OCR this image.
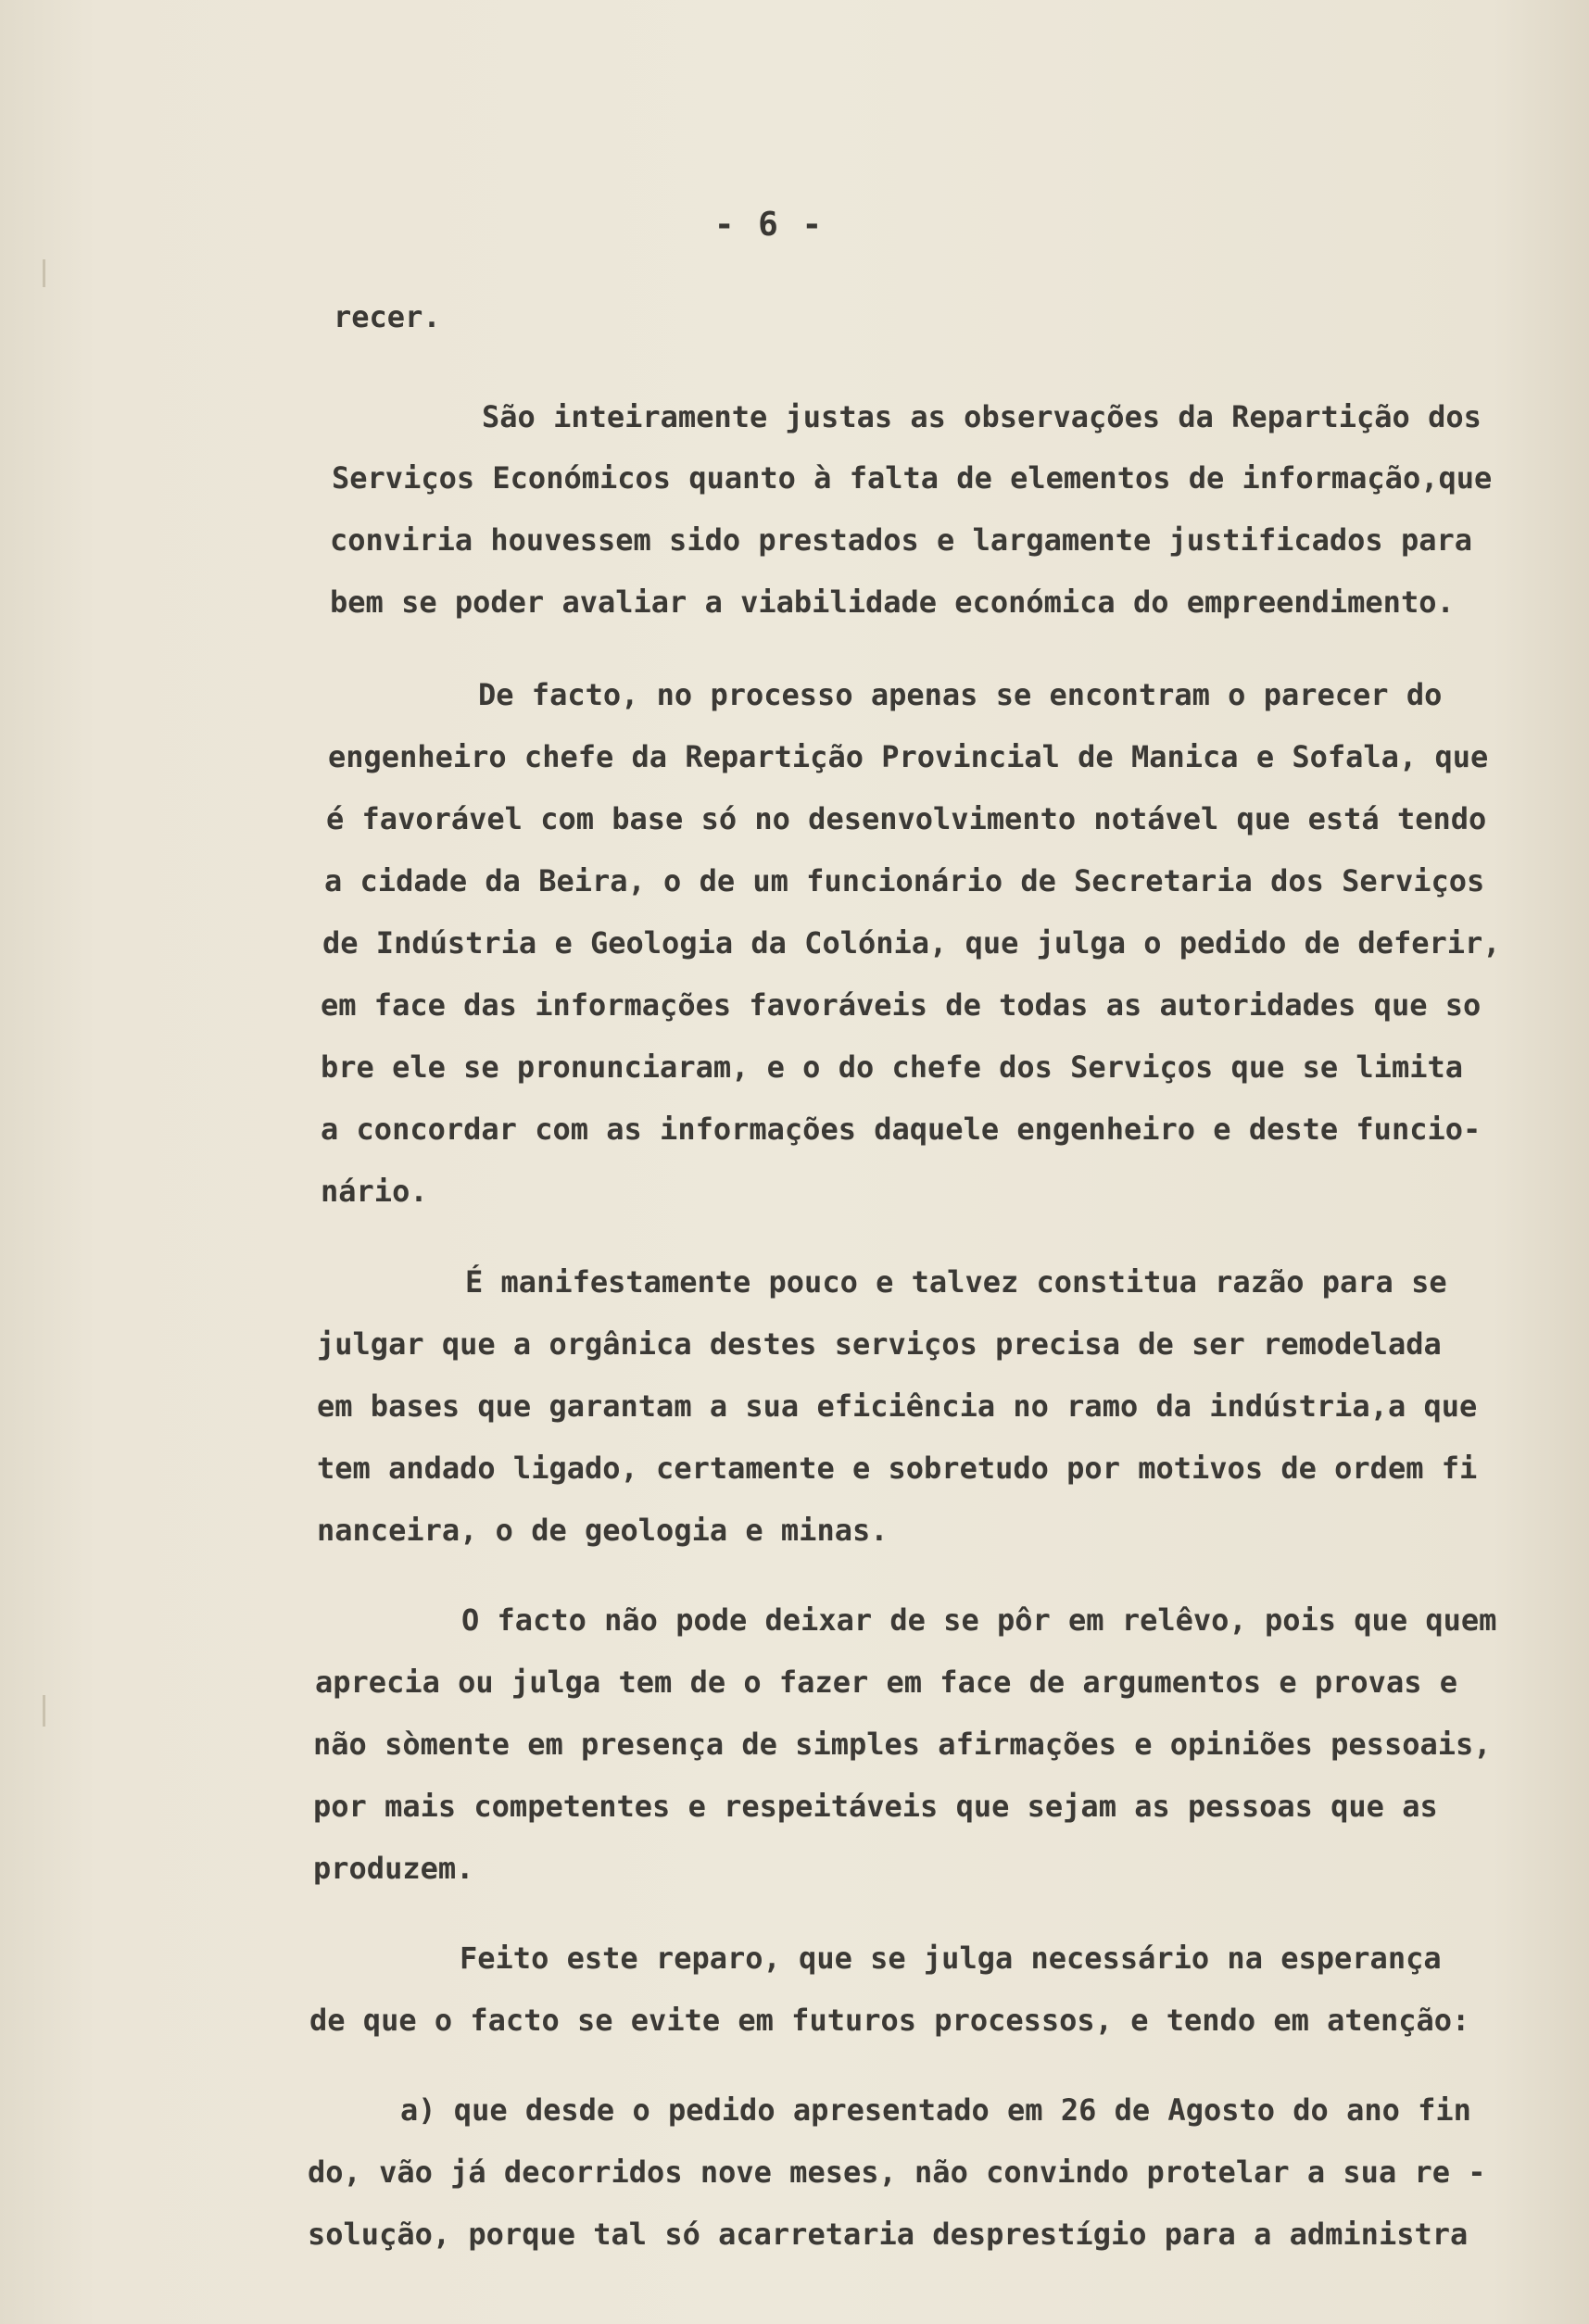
- 6 -
recer.
São inteiramente justas as observações da Repartição dos
Serviços Económicos quanto à falta de elementos de informação,que
conviria houvessem sido prestados e largamente justificados para
bem se poder avaliar a viabilidade económica do empreendimento.
De facto, no processo apenas se encontram o parecer do
engenheiro chefe da Repartição Provincial de Manica e Sofala, que
é favorável com base só no desenvolvimento notável que está tendo
a cidade da Beira, o de um funcionário de Secretaria dos Serviços
de Indústria e Geologia da Colónia, que julga o pedido de deferir,
em face das informações favoráveis de todas as autoridades que so
bre ele se pronunciaram, e o do chefe dos Serviços que se limita
a concordar com as informações daquele engenheiro e deste funcio-
nário.
É manifestamente pouco e talvez constitua razão para se
julgar que a orgânica destes serviços precisa de ser remodelada
em bases que garantam a sua eficiência no ramo da indústria,a que
tem andado ligado, certamente e sobretudo por motivos de ordem fi
nanceira, o de geologia e minas.
O facto não pode deixar de se pôr em relêvo, pois que quem
aprecia ou julga tem de o fazer em face de argumentos e provas e
não sòmente em presença de simples afirmações e opiniões pessoais,
por mais competentes e respeitáveis que sejam as pessoas que as
produzem.
Feito este reparo, que se julga necessário na esperança
de que o facto se evite em futuros processos, e tendo em atenção:
a) que desde o pedido apresentado em 26 de Agosto do ano fin
do, vão já decorridos nove meses, não convindo protelar a sua re -
solução, porque tal só acarretaria desprestígio para a administra
